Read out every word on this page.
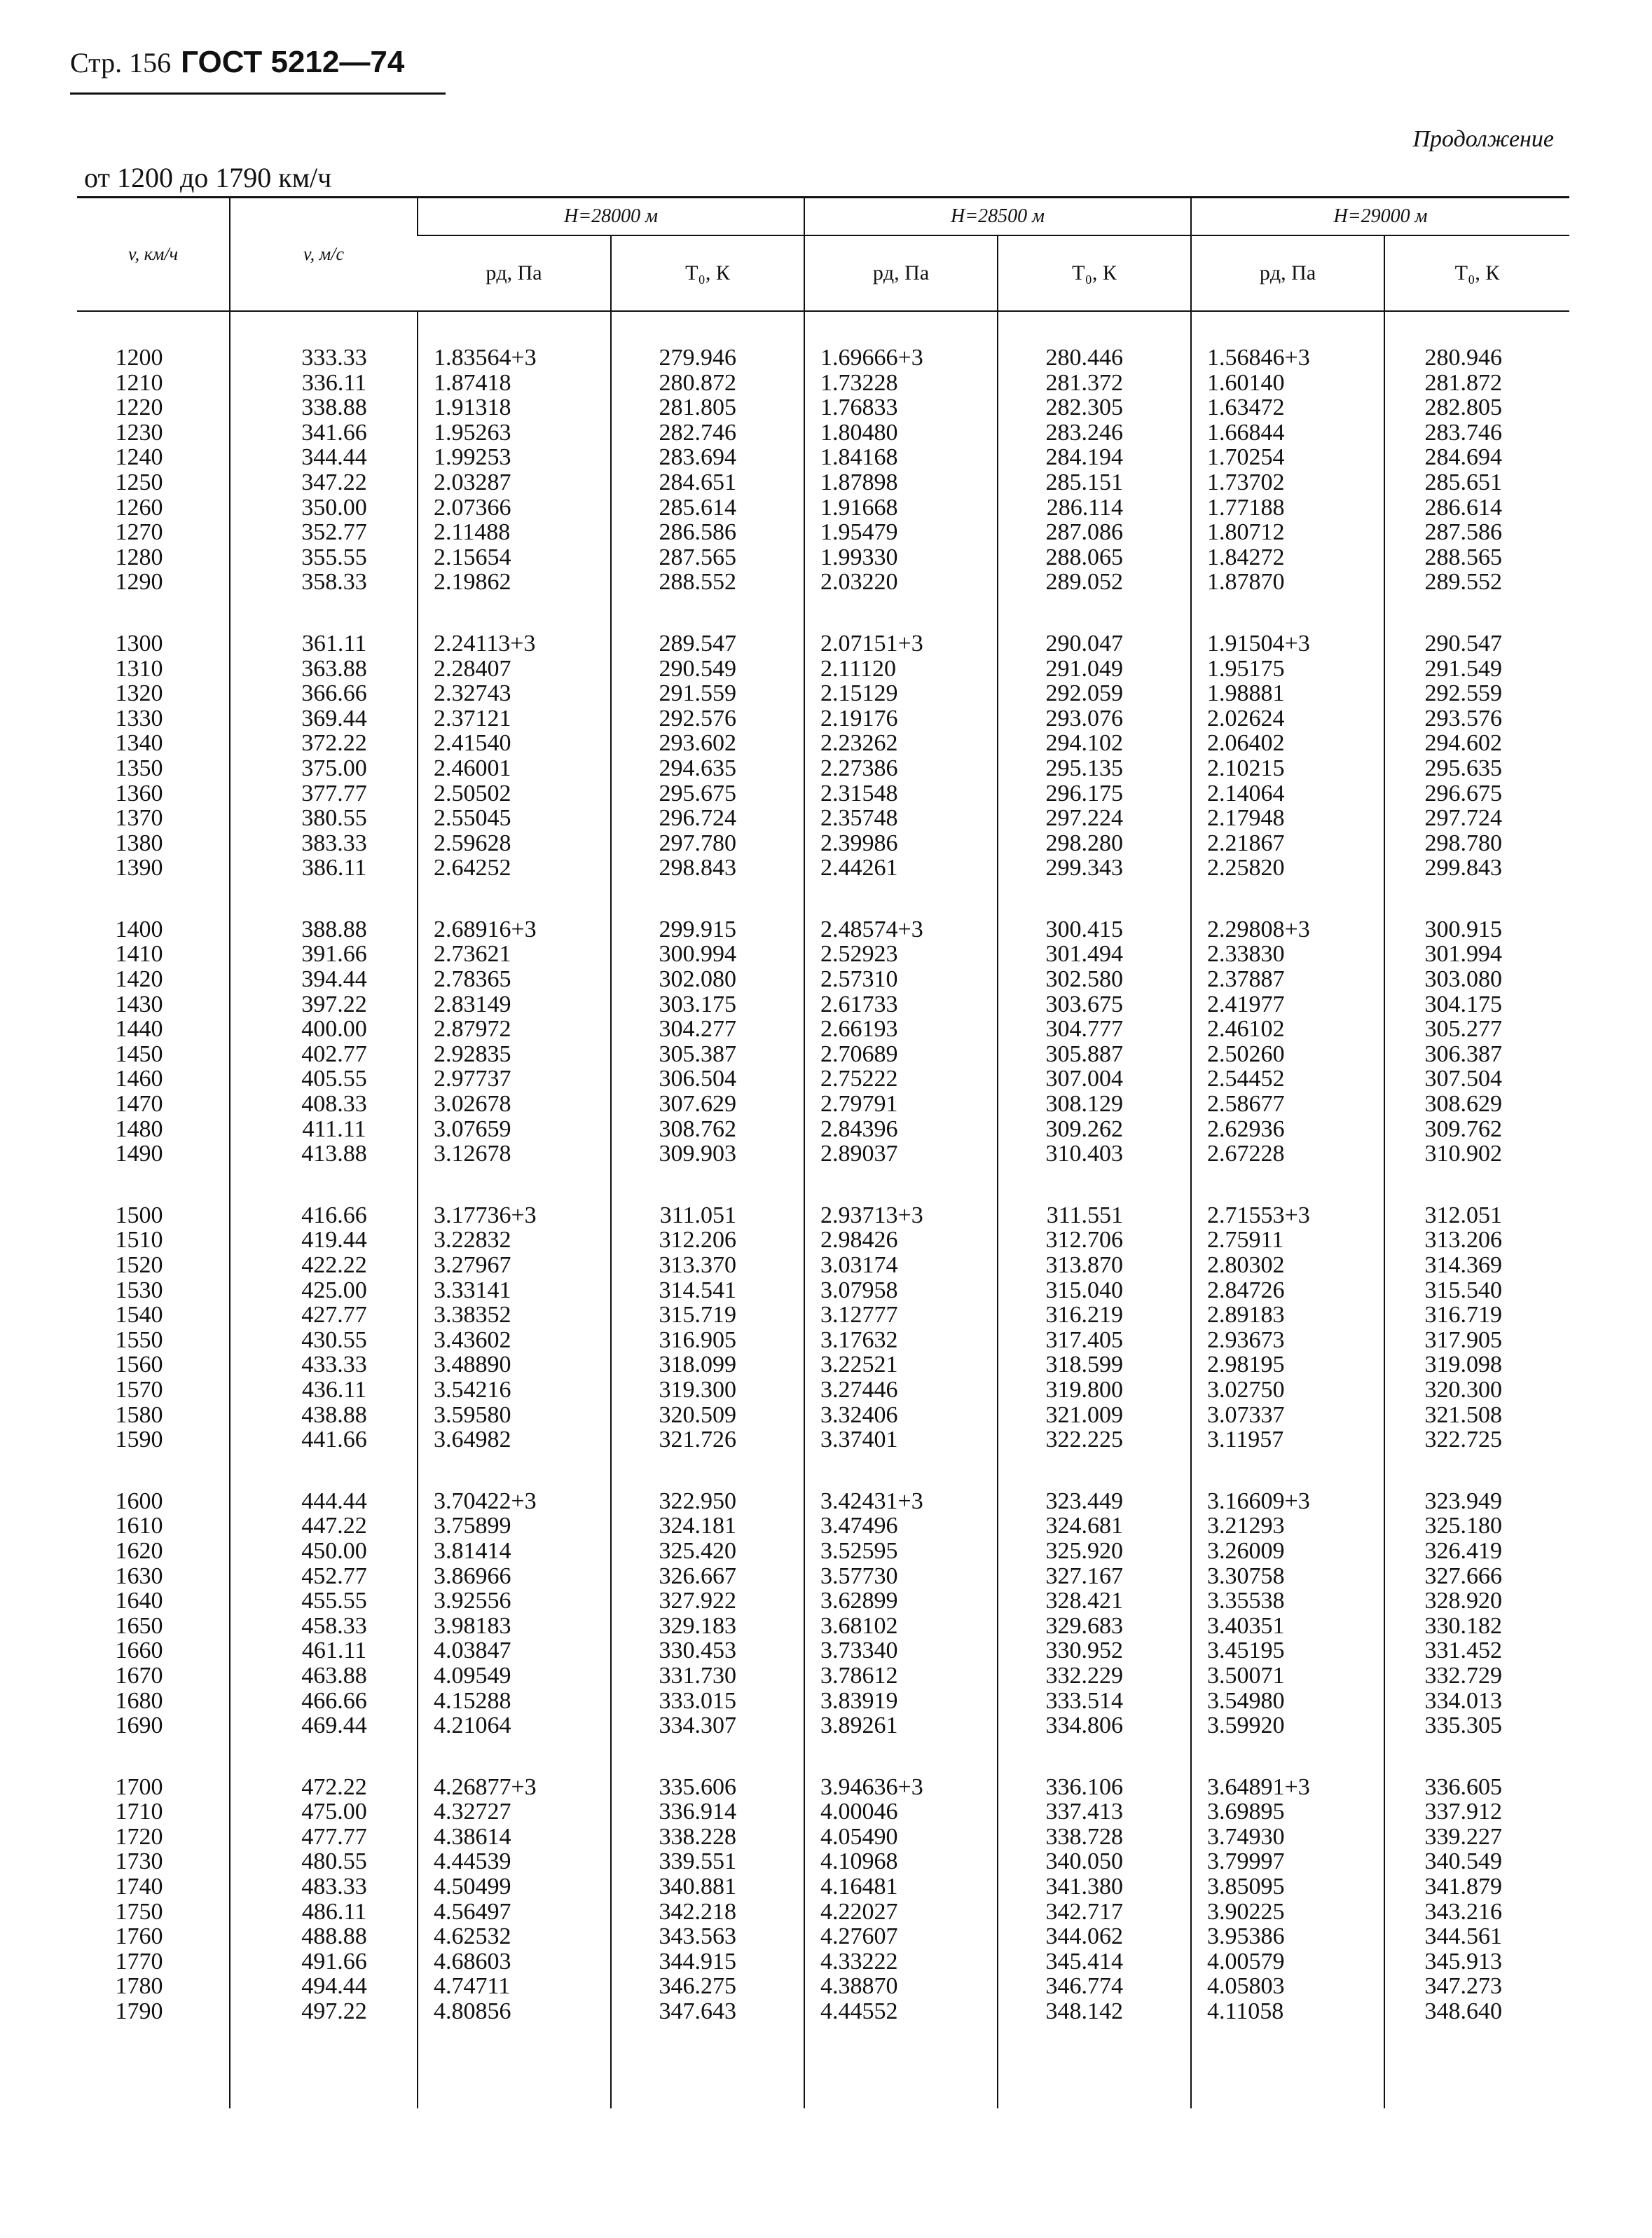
Стр. 156 ГОСТ 5212—74
Продолжение
от 1200 до 1790 км/ч
v, км/ч	v, м/с	H=28000 м		H=28500 м		H=29000 м	
		pд, Па	T₀, К	pд, Па	T₀, К	pд, Па	T₀, К

1200	333.33	1.83564+3	279.946	1.69666+3	280.446	1.56846+3	280.946
1210	336.11	1.87418	280.872	1.73228	281.372	1.60140	281.872
1220	338.88	1.91318	281.805	1.76833	282.305	1.63472	282.805
1230	341.66	1.95263	282.746	1.80480	283.246	1.66844	283.746
1240	344.44	1.99253	283.694	1.84168	284.194	1.70254	284.694
1250	347.22	2.03287	284.651	1.87898	285.151	1.73702	285.651
1260	350.00	2.07366	285.614	1.91668	286.114	1.77188	286.614
1270	352.77	2.11488	286.586	1.95479	287.086	1.80712	287.586
1280	355.55	2.15654	287.565	1.99330	288.065	1.84272	288.565
1290	358.33	2.19862	288.552	2.03220	289.052	1.87870	289.552

1300	361.11	2.24113+3	289.547	2.07151+3	290.047	1.91504+3	290.547
1310	363.88	2.28407	290.549	2.11120	291.049	1.95175	291.549
1320	366.66	2.32743	291.559	2.15129	292.059	1.98881	292.559
1330	369.44	2.37121	292.576	2.19176	293.076	2.02624	293.576
1340	372.22	2.41540	293.602	2.23262	294.102	2.06402	294.602
1350	375.00	2.46001	294.635	2.27386	295.135	2.10215	295.635
1360	377.77	2.50502	295.675	2.31548	296.175	2.14064	296.675
1370	380.55	2.55045	296.724	2.35748	297.224	2.17948	297.724
1380	383.33	2.59628	297.780	2.39986	298.280	2.21867	298.780
1390	386.11	2.64252	298.843	2.44261	299.343	2.25820	299.843

1400	388.88	2.68916+3	299.915	2.48574+3	300.415	2.29808+3	300.915
1410	391.66	2.73621	300.994	2.52923	301.494	2.33830	301.994
1420	394.44	2.78365	302.080	2.57310	302.580	2.37887	303.080
1430	397.22	2.83149	303.175	2.61733	303.675	2.41977	304.175
1440	400.00	2.87972	304.277	2.66193	304.777	2.46102	305.277
1450	402.77	2.92835	305.387	2.70689	305.887	2.50260	306.387
1460	405.55	2.97737	306.504	2.75222	307.004	2.54452	307.504
1470	408.33	3.02678	307.629	2.79791	308.129	2.58677	308.629
1480	411.11	3.07659	308.762	2.84396	309.262	2.62936	309.762
1490	413.88	3.12678	309.903	2.89037	310.403	2.67228	310.902

1500	416.66	3.17736+3	311.051	2.93713+3	311.551	2.71553+3	312.051
1510	419.44	3.22832	312.206	2.98426	312.706	2.75911	313.206
1520	422.22	3.27967	313.370	3.03174	313.870	2.80302	314.369
1530	425.00	3.33141	314.541	3.07958	315.040	2.84726	315.540
1540	427.77	3.38352	315.719	3.12777	316.219	2.89183	316.719
1550	430.55	3.43602	316.905	3.17632	317.405	2.93673	317.905
1560	433.33	3.48890	318.099	3.22521	318.599	2.98195	319.098
1570	436.11	3.54216	319.300	3.27446	319.800	3.02750	320.300
1580	438.88	3.59580	320.509	3.32406	321.009	3.07337	321.508
1590	441.66	3.64982	321.726	3.37401	322.225	3.11957	322.725

1600	444.44	3.70422+3	322.950	3.42431+3	323.449	3.16609+3	323.949
1610	447.22	3.75899	324.181	3.47496	324.681	3.21293	325.180
1620	450.00	3.81414	325.420	3.52595	325.920	3.26009	326.419
1630	452.77	3.86966	326.667	3.57730	327.167	3.30758	327.666
1640	455.55	3.92556	327.922	3.62899	328.421	3.35538	328.920
1650	458.33	3.98183	329.183	3.68102	329.683	3.40351	330.182
1660	461.11	4.03847	330.453	3.73340	330.952	3.45195	331.452
1670	463.88	4.09549	331.730	3.78612	332.229	3.50071	332.729
1680	466.66	4.15288	333.015	3.83919	333.514	3.54980	334.013
1690	469.44	4.21064	334.307	3.89261	334.806	3.59920	335.305

1700	472.22	4.26877+3	335.606	3.94636+3	336.106	3.64891+3	336.605
1710	475.00	4.32727	336.914	4.00046	337.413	3.69895	337.912
1720	477.77	4.38614	338.228	4.05490	338.728	3.74930	339.227
1730	480.55	4.44539	339.551	4.10968	340.050	3.79997	340.549
1740	483.33	4.50499	340.881	4.16481	341.380	3.85095	341.879
1750	486.11	4.56497	342.218	4.22027	342.717	3.90225	343.216
1760	488.88	4.62532	343.563	4.27607	344.062	3.95386	344.561
1770	491.66	4.68603	344.915	4.33222	345.414	4.00579	345.913
1780	494.44	4.74711	346.275	4.38870	346.774	4.05803	347.273
1790	497.22	4.80856	347.643	4.44552	348.142	4.11058	348.640
